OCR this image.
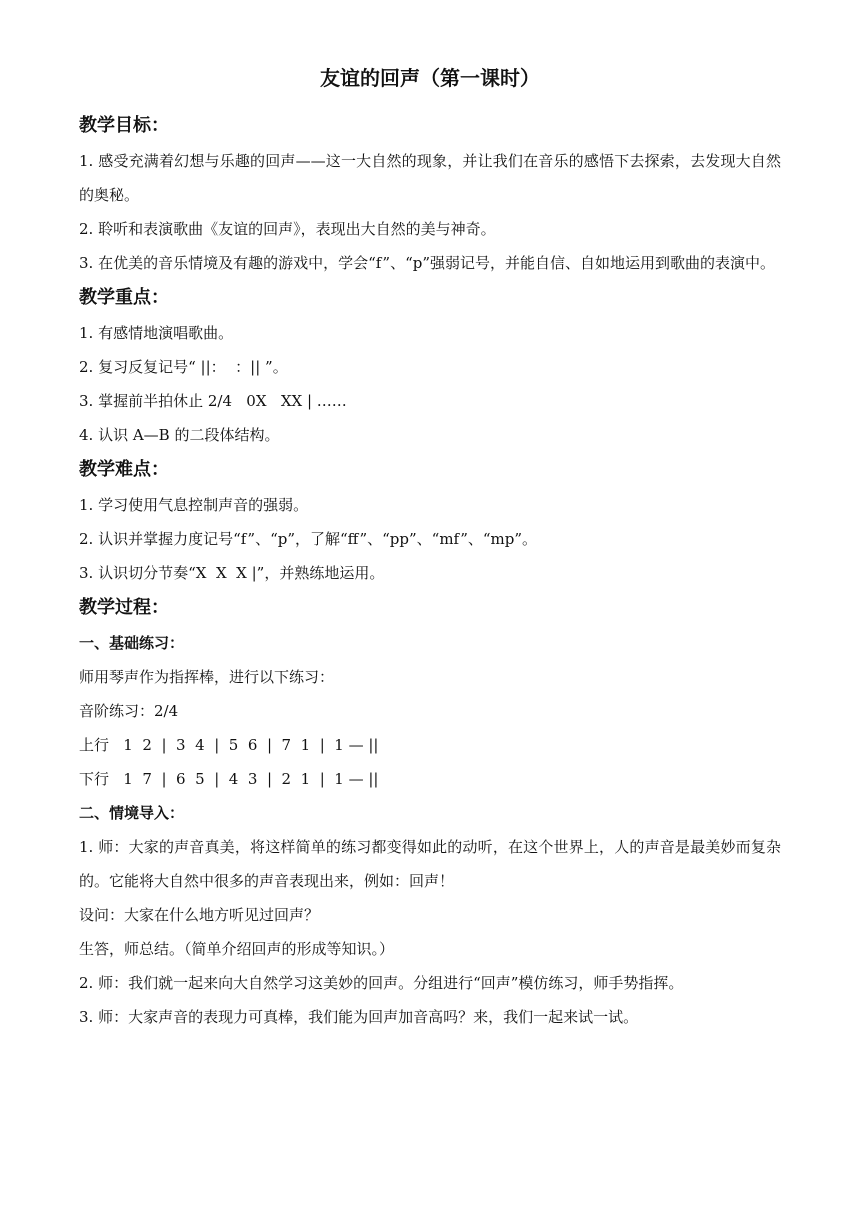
友谊的回声（第一课时）
教学目标：
1. 感受充满着幻想与乐趣的回声——这一大自然的现象，并让我们在音乐的感悟下去探索，去发现大自然的奥秘。
2. 聆听和表演歌曲《友谊的回声》，表现出大自然的美与神奇。
3. 在优美的音乐情境及有趣的游戏中，学会“f”、“p”强弱记号，并能自信、自如地运用到歌曲的表演中。
教学重点：
1. 有感情地演唱歌曲。
2. 复习反复记号“ ||：  ：|| ”。
3. 掌握前半拍休止 2/4   0X   XX | ……
4. 认识 A—B 的二段体结构。
教学难点：
1. 学习使用气息控制声音的强弱。
2. 认识并掌握力度记号“f”、“p”，了解“ff”、“pp”、“mf”、“mp”。
3. 认识切分节奏“X  X  X |”，并熟练地运用。
教学过程：
一、基础练习：
师用琴声作为指挥棒，进行以下练习：
音阶练习：2/4
上行   1  2  |  3  4  |  5  6  |  7  1  |  1 — ||
下行   1  7  |  6  5  |  4  3  |  2  1  |  1 — ||
二、情境导入：
1. 师：大家的声音真美，将这样简单的练习都变得如此的动听，在这个世界上，人的声音是最美妙而复杂的。它能将大自然中很多的声音表现出来，例如：回声！
设问：大家在什么地方听见过回声？
生答，师总结。（简单介绍回声的形成等知识。）
2. 师：我们就一起来向大自然学习这美妙的回声。分组进行“回声”模仿练习，师手势指挥。
3. 师：大家声音的表现力可真棒，我们能为回声加音高吗？来，我们一起来试一试。
